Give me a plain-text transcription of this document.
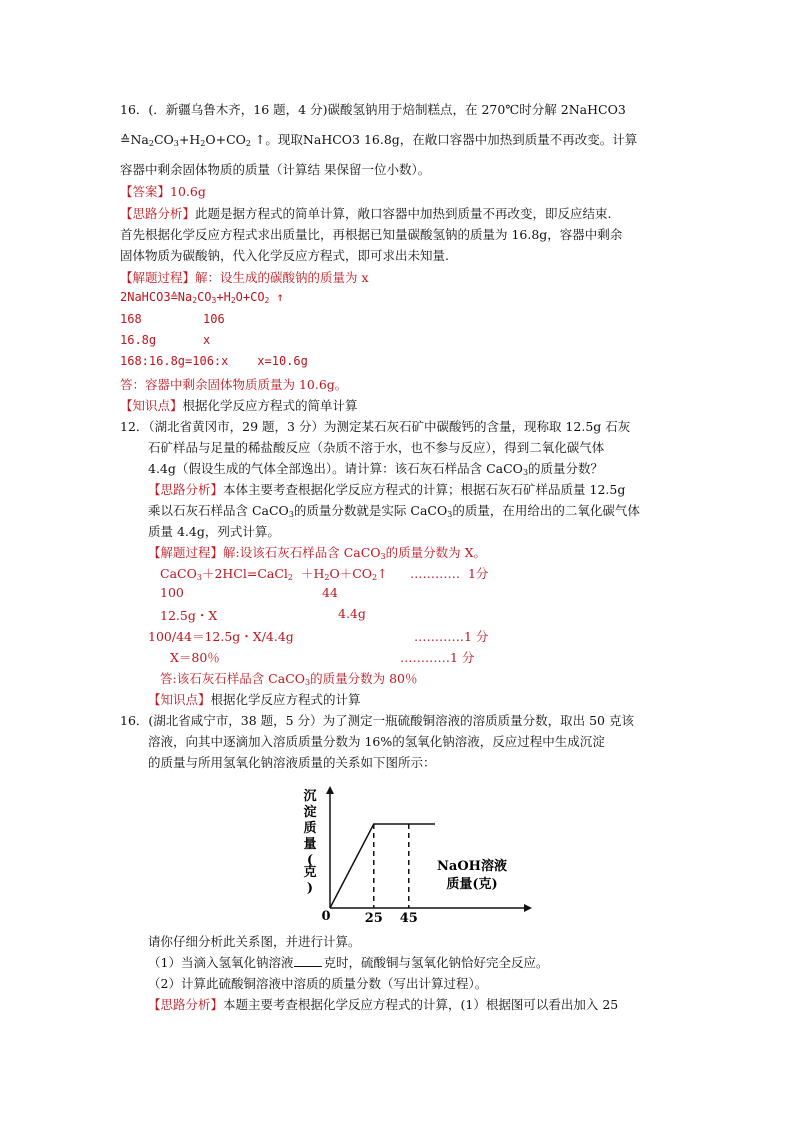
16．(．新疆乌鲁木齐，16 题，4 分)碳酸氢钠用于焙制糕点，在 270℃时分解 2NaHCO3
$≙Na_2CO_3+H_2O+CO_2$ ↑。现取NaHCO3 16.8g，在敞口容器中加热到质量不再改变。计算
容器中剩余固体物质的质量（计算结 果保留一位小数）。
【答案】10.6g
【思路分析】此题是据方程式的简单计算，敞口容器中加热到质量不再改变，即反应结束.
首先根据化学反应方程式求出质量比，再根据已知量碳酸氢钠的质量为 16.8g，容器中剩余
固体物质为碳酸钠，代入化学反应方程式，即可求出未知量.
【解题过程】解：设生成的碳酸钠的质量为 x
$2NaHCO3≙Na_2CO_3+H_2O+CO_2$ ↑
168	106
16.8g	x
168:16.8g=106:x    x=10.6g
答：容器中剩余固体物质质量为 10.6g。
【知识点】根据化学反应方程式的简单计算
12．（湖北省黄冈市，29 题，3 分）为测定某石灰石矿中碳酸钙的含量，现称取 12.5g 石灰
石矿样品与足量的稀盐酸反应（杂质不溶于水，也不参与反应），得到二氧化碳气体
4.4g（假设生成的气体全部逸出）。请计算：该石灰石样品含 CaCO$_3$的质量分数？
【思路分析】本体主要考查根据化学反应方程式的计算；根据石灰石矿样品质量 12.5g
乘以石灰石样品含 CaCO$_3$的质量分数就是实际 CaCO$_3$的质量，在用给出的二氧化碳气体
质量 4.4g，列式计算。
【解题过程】解:设该石灰石样品含 CaCO$_3$的质量分数为 X。
CaCO$_3$＋2HCl=CaCl$_2$  $+H_2O+CO_2↑$ …………  1分
100	44
12.5g・X	4.4g
100/44＝12.5g・X/4.4g	…………1 分
X＝80％	…………1 分
答:该石灰石样品含 CaCO$_3$的质量分数为 80％
【知识点】根据化学反应方程式的计算
16．(湖北省咸宁市，38 题，5 分）为了测定一瓶硫酸铜溶液的溶质质量分数，取出 50 克该
溶液，向其中逐滴加入溶质质量分数为 16%的氢氧化钠溶液，反应过程中生成沉淀
的质量与所用氢氧化钠溶液质量的关系如下图所示：
沉淀质量(克)
25 45
NaOH溶液
质量(克)
0
请你仔细分析此关系图，并进行计算。
（1）当滴入氢氧化钠溶液 克时，硫酸铜与氢氧化钠恰好完全反应。
（2）计算此硫酸铜溶液中溶质的质量分数（写出计算过程）。
【思路分析】本题主要考查根据化学反应方程式的计算，(1）根据图可以看出加入 25
